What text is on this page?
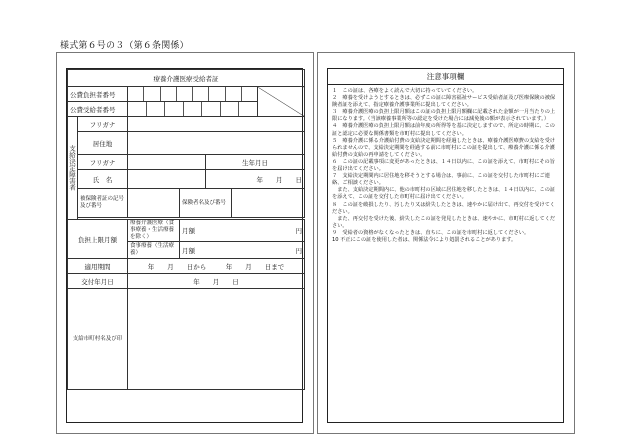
様式第６号の３（第６条関係）
療養介護医療受給者証						
公費負担者番号					

公費受給者番号						

支給決定障害者	フリガナ					
	居住地					
	フリガナ			生年月日		
	氏　名			年　　月　　日		
	被保険者証の記号及び番号		保険者名及び番号			

負担上限月額		療養介護医療（食事療養・生活療養を除く）	月額 円			

		食事療養（生活療養）	月額 円			

適用期間		年　　月　　日から　　　年　　月　　日まで				
交付年月日		年　　月　　日				
支給市町村名及び印						
注意事項欄
１　この証は、各療をよく読んで大切に持っていてください。
２　療養を受けようとするときは、必ずこの証に障害福祉サービス受給者証及び医療保険の被保険者証を添えて、指定療養介護事業所に提出してください。
３　療養介護医療の負担上限月額はこの証の負担上限月額欄に記載された金額が一月当たりの上限になります。（当該療養事業所等の認定を受けた場合には減免後の額が表示されています。）
４　療養介護医療の負担上限月額は前年度の所得等を基に決定しますので、所定の時期に、この証と認定に必要な関係書類を市町村に提出してください。
５　療養介護に係る介護給付費の支給決定期間を経過したときは、療養介護医療費の支給を受けられませんので、支給決定期間を経過する前に市町村にこの証を提出して、療養介護に係る介護給付費の支給の再申請をしてください。
６　この証の記載事項に変更があったときは、１４日以内に、この証を添えて、市町村にその旨を届け出てください。
７　支給決定期間内に居住地を移そうとする場合は、事前に、この証を交付した市町村にご連絡、ご相談ください。
　また、支給決定期間内に、他の市町村の区域に居住地を移したときは、１４日以内に、この証を添えて、この証を交付した市町村に届け出てください。
８　この証を破損したり、汚したり又は紛失したときは、速やかに届け出て、再交付を受けてください。
　また、再交付を受けた後、紛失したこの証を発見したときは、速やかに、市町村に返してください。
９　受給者の資格がなくなったときは、直ちに、この証を市町村に返してください。
10 不正にこの証を使用した者は、関係法令により処罰されることがあります。
